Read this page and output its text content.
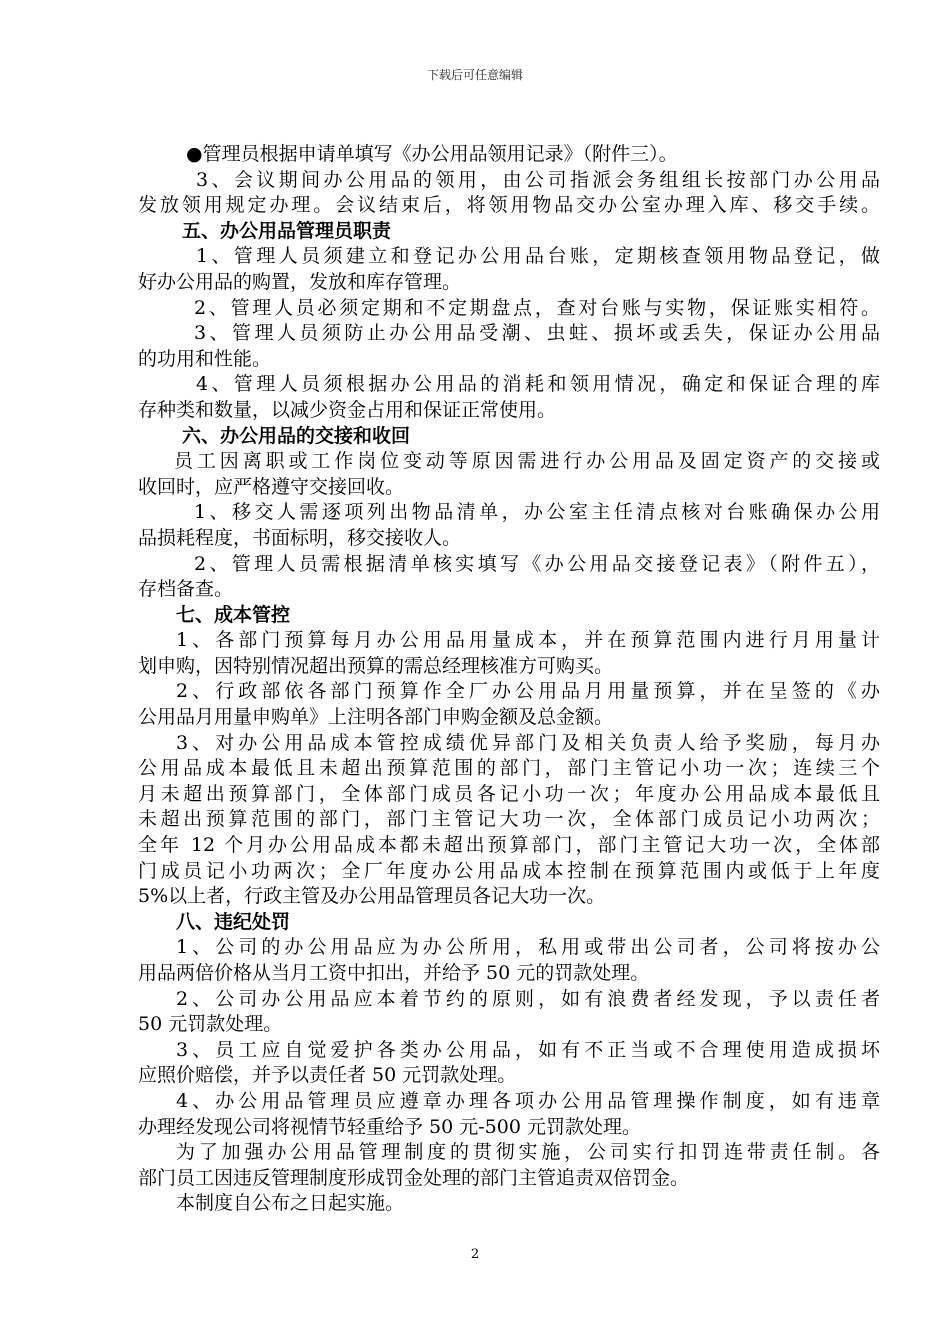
下载后可任意编辑
●管理员根据申请单填写《办公用品领用记录》（附件三）。
3、会议期间办公用品的领用，由公司指派会务组组长按部门办公用品
发放领用规定办理。会议结束后，将领用物品交办公室办理入库、移交手续。
五、办公用品管理员职责
1、管理人员须建立和登记办公用品台账，定期核查领用物品登记，做
好办公用品的购置，发放和库存管理。
2、管理人员必须定期和不定期盘点，查对台账与实物，保证账实相符。
3、管理人员须防止办公用品受潮、虫蛀、损坏或丢失，保证办公用品
的功用和性能。
4、管理人员须根据办公用品的消耗和领用情况，确定和保证合理的库
存种类和数量，以减少资金占用和保证正常使用。
六、办公用品的交接和收回
员工因离职或工作岗位变动等原因需进行办公用品及固定资产的交接或
收回时，应严格遵守交接回收。
1、移交人需逐项列出物品清单，办公室主任清点核对台账确保办公用
品损耗程度，书面标明，移交接收人。
2、管理人员需根据清单核实填写《办公用品交接登记表》（附件五），
存档备查。
七、成本管控
1、各部门预算每月办公用品用量成本，并在预算范围内进行月用量计
划申购，因特别情况超出预算的需总经理核准方可购买。
2、行政部依各部门预算作全厂办公用品月用量预算，并在呈签的《办
公用品月用量申购单》上注明各部门申购金额及总金额。
3、对办公用品成本管控成绩优异部门及相关负责人给予奖励，每月办
公用品成本最低且未超出预算范围的部门，部门主管记小功一次；连续三个
月未超出预算部门，全体部门成员各记小功一次；年度办公用品成本最低且
未超出预算范围的部门，部门主管记大功一次，全体部门成员记小功两次；
全年 12 个月办公用品成本都未超出预算部门，部门主管记大功一次，全体部
门成员记小功两次；全厂年度办公用品成本控制在预算范围内或低于上年度
5%以上者，行政主管及办公用品管理员各记大功一次。
八、违纪处罚
1、公司的办公用品应为办公所用，私用或带出公司者，公司将按办公
用品两倍价格从当月工资中扣出，并给予 50 元的罚款处理。
2、公司办公用品应本着节约的原则，如有浪费者经发现，予以责任者
50 元罚款处理。
3、员工应自觉爱护各类办公用品，如有不正当或不合理使用造成损坏
应照价赔偿，并予以责任者 50 元罚款处理。
4、办公用品管理员应遵章办理各项办公用品管理操作制度，如有违章
办理经发现公司将视情节轻重给予 50 元-500 元罚款处理。
为了加强办公用品管理制度的贯彻实施，公司实行扣罚连带责任制。各
部门员工因违反管理制度形成罚金处理的部门主管追责双倍罚金。
本制度自公布之日起实施。
2
